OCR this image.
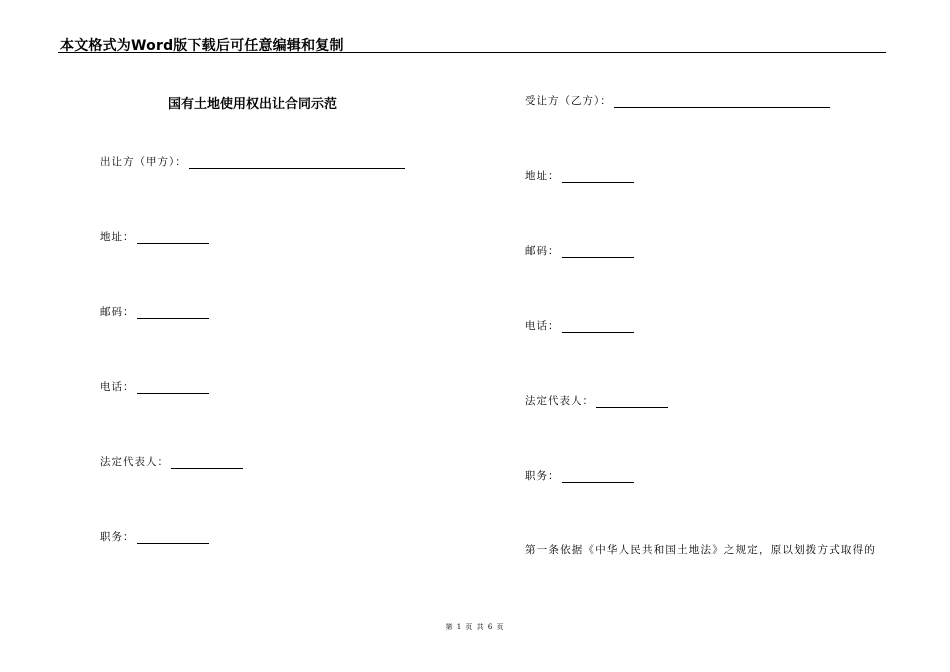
本文格式为Word版下载后可任意编辑和复制
国有土地使用权出让合同示范
出让方（甲方）：
地址：
邮码：
电话：
法定代表人：
职务：
受让方（乙方）：
地址：
邮码：
电话：
法定代表人：
职务：
第一条依据《中华人民共和国土地法》之规定，原以划拨方式取得的
第 1 页 共 6 页
